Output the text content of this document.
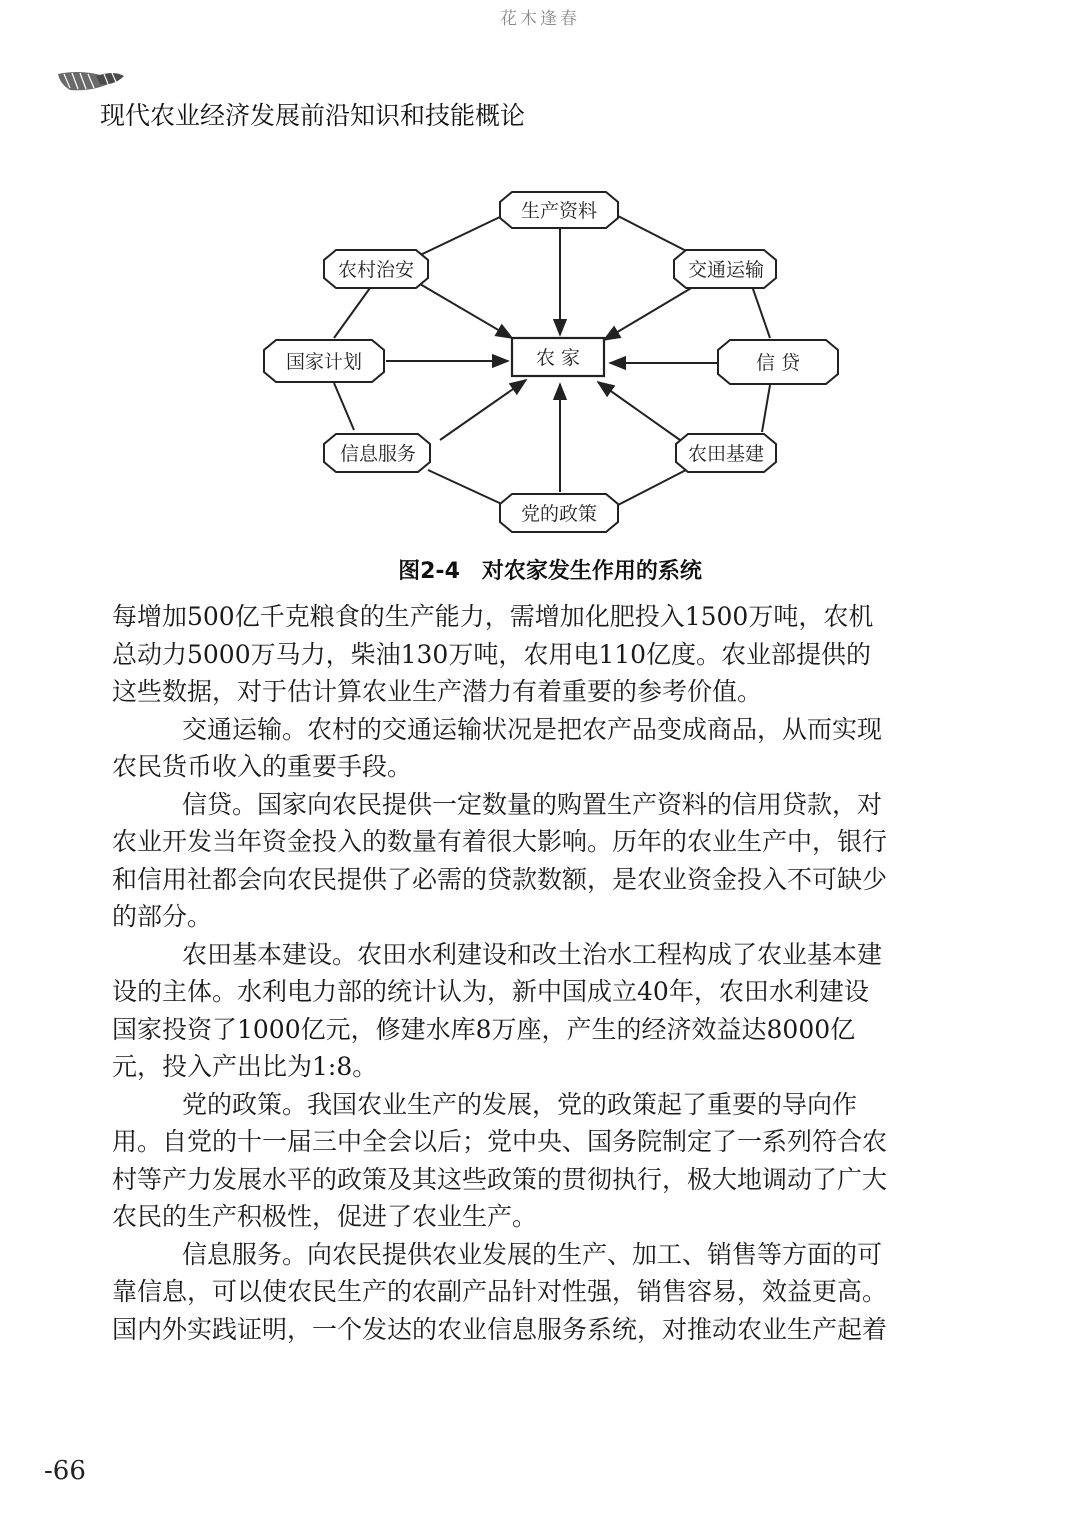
花木逢春
现代农业经济发展前沿知识和技能概论
农 家
生产资料
农村治安	交通运输
国家计划	信 贷
信息服务	农田基建
党的政策
图2-4　对农家发生作用的系统

每增加500亿千克粮食的生产能力，需增加化肥投入1500万吨，农机
总动力5000万马力，柴油130万吨，农用电110亿度。农业部提供的
这些数据，对于估计算农业生产潜力有着重要的参考价值。

交通运输。农村的交通运输状况是把农产品变成商品，从而实现
农民货币收入的重要手段。

信贷。国家向农民提供一定数量的购置生产资料的信用贷款，对
农业开发当年资金投入的数量有着很大影响。历年的农业生产中，银行
和信用社都会向农民提供了必需的贷款数额，是农业资金投入不可缺少
的部分。

农田基本建设。农田水利建设和改土治水工程构成了农业基本建
设的主体。水利电力部的统计认为，新中国成立40年，农田水利建设
国家投资了1000亿元，修建水库8万座，产生的经济效益达8000亿
元，投入产出比为1:8。

党的政策。我国农业生产的发展，党的政策起了重要的导向作
用。自党的十一届三中全会以后；党中央、国务院制定了一系列符合农
村等产力发展水平的政策及其这些政策的贯彻执行，极大地调动了广大
农民的生产积极性，促进了农业生产。

信息服务。向农民提供农业发展的生产、加工、销售等方面的可
靠信息，可以使农民生产的农副产品针对性强，销售容易，效益更高。
国内外实践证明，一个发达的农业信息服务系统，对推动农业生产起着

-66
